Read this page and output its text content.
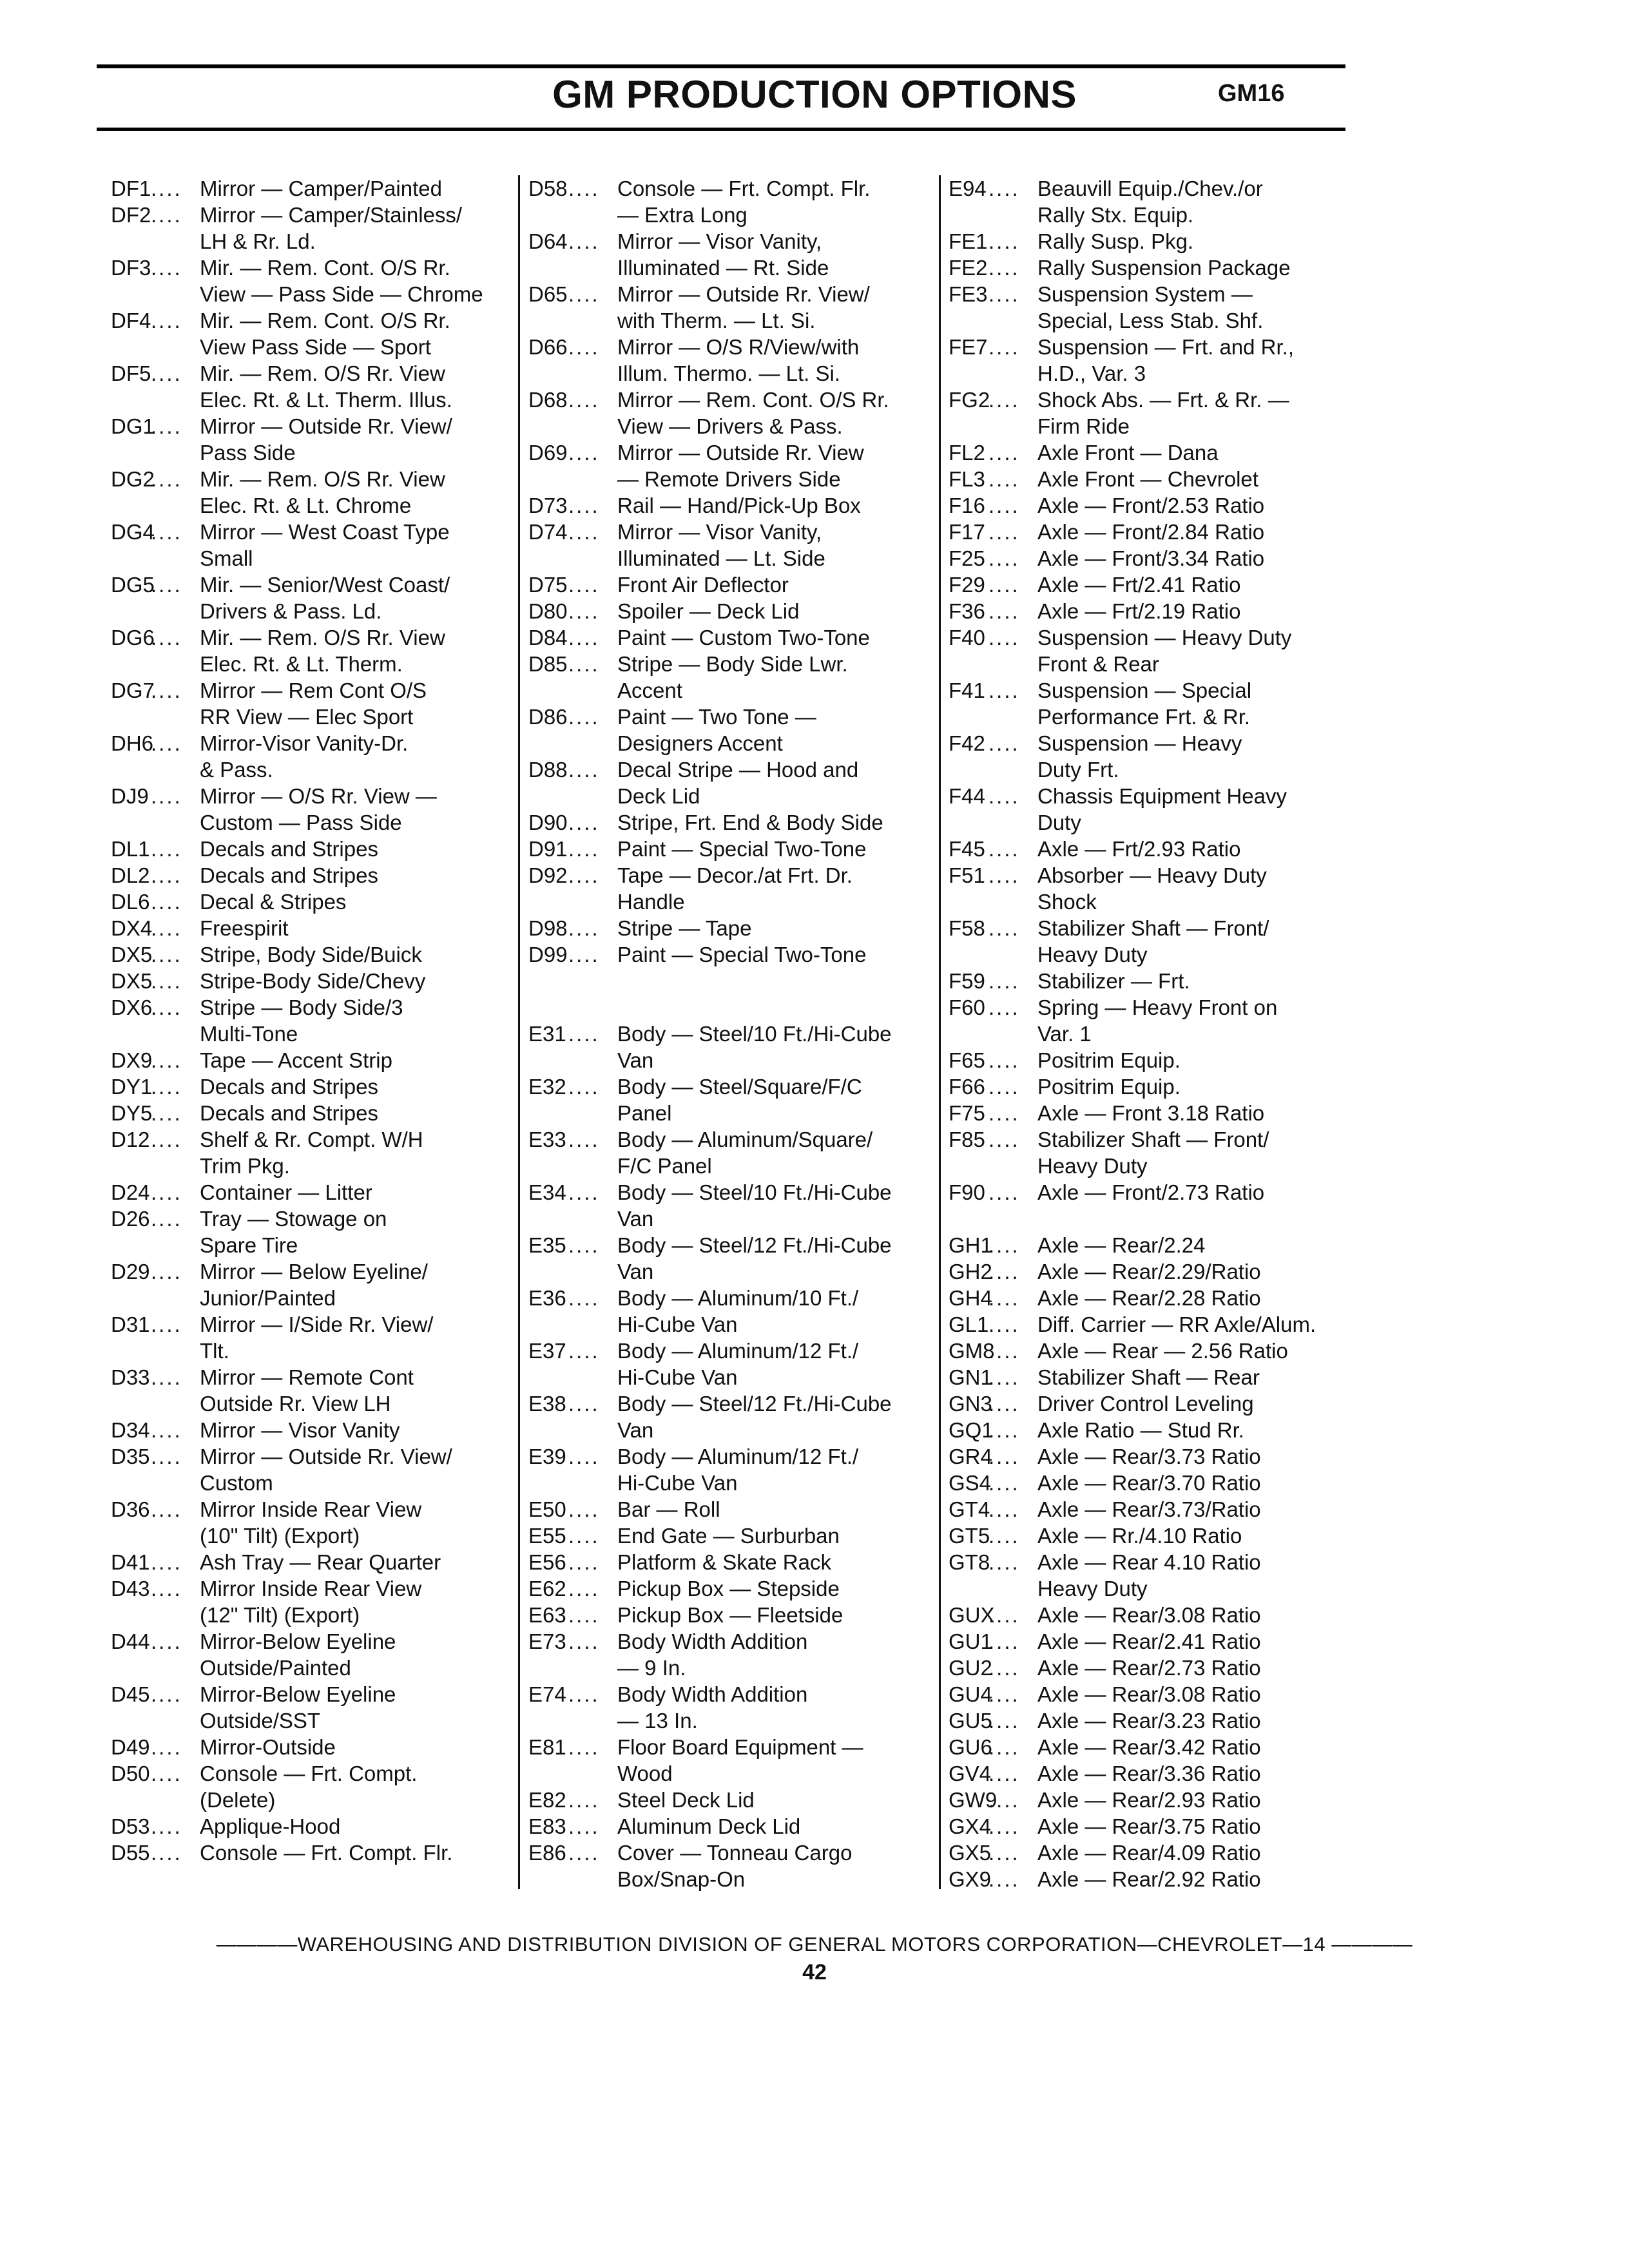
GM PRODUCTION OPTIONS	GM16
DF1 .... Mirror — Camper/Painted
DF2 .... Mirror — Camper/Stainless/
LH & Rr. Ld.
DF3 .... Mir. — Rem. Cont. O/S Rr.
View — Pass Side — Chrome
DF4 .... Mir. — Rem. Cont. O/S Rr.
View Pass Side — Sport
DF5 .... Mir. — Rem. O/S Rr. View
Elec. Rt. & Lt. Therm. Illus.
DG1
.... Mirror — Outside Rr. View/
Pass Side
DG2
.... Mir. — Rem. O/S Rr. View
Elec. Rt. & Lt. Chrome
DG4
.... Mirror — West Coast Type
Small
DG5
.... Mir. — Senior/West Coast/
Drivers & Pass. Ld.
DG6
.... Mir. — Rem. O/S Rr. View
Elec. Rt. & Lt. Therm.
DG7
.... Mirror — Rem Cont O/S
RR View — Elec Sport
DH6
.... Mirror-Visor Vanity-Dr.
& Pass.
DJ9 .... Mirror — O/S Rr. View —
Custom — Pass Side
DL1 .... Decals and Stripes
DL2 .... Decals and Stripes
DL6 .... Decal & Stripes
DX4
.... Freespirit
DX5
.... Stripe, Body Side/Buick
DX5
.... Stripe-Body Side/Chevy
DX6
.... Stripe — Body Side/3
Multi-Tone
DX9
.... Tape — Accent Strip
DY1
.... Decals and Stripes
DY5
.... Decals and Stripes
D12 .... Shelf & Rr. Compt. W/H
Trim Pkg.
D24 .... Container — Litter
D26 .... Tray — Stowage on
Spare Tire
D29 .... Mirror — Below Eyeline/
Junior/Painted
D31 .... Mirror — I/Side Rr. View/
Tlt.
D33 .... Mirror — Remote Cont
Outside Rr. View LH
D34 .... Mirror — Visor Vanity
D35 .... Mirror — Outside Rr. View/
Custom
D36 .... Mirror Inside Rear View
(10" Tilt) (Export)
D41 .... Ash Tray — Rear Quarter
D43 .... Mirror Inside Rear View
(12" Tilt) (Export)
D44 .... Mirror-Below Eyeline
Outside/Painted
D45 .... Mirror-Below Eyeline
Outside/SST
D49 .... Mirror-Outside
D50 .... Console — Frt. Compt.
(Delete)
D53 .... Applique-Hood
D55 .... Console — Frt. Compt. Flr.
D58 .... Console — Frt. Compt. Flr.
— Extra Long
D64 .... Mirror — Visor Vanity,
Illuminated — Rt. Side
D65 .... Mirror — Outside Rr. View/
with Therm. — Lt. Si.
D66 .... Mirror — O/S R/View/with
Illum. Thermo. — Lt. Si.
D68 .... Mirror — Rem. Cont. O/S Rr.
View — Drivers & Pass.
D69 .... Mirror — Outside Rr. View
— Remote Drivers Side
D73 .... Rail — Hand/Pick-Up Box
D74 .... Mirror — Visor Vanity,
Illuminated — Lt. Side
D75 .... Front Air Deflector
D80 .... Spoiler — Deck Lid
D84 .... Paint — Custom Two-Tone
D85 .... Stripe — Body Side Lwr.
Accent
D86 .... Paint — Two Tone —
Designers Accent
D88 .... Decal Stripe — Hood and
Deck Lid
D90 .... Stripe, Frt. End & Body Side
D91 .... Paint — Special Two-Tone
D92 .... Tape — Decor./at Frt. Dr.
Handle
D98 .... Stripe — Tape
D99 .... Paint — Special Two-Tone
E31 .... Body — Steel/10 Ft./Hi-Cube
Van
E32 .... Body — Steel/Square/F/C
Panel
E33 .... Body — Aluminum/Square/
F/C Panel
E34 .... Body — Steel/10 Ft./Hi-Cube
Van
E35 .... Body — Steel/12 Ft./Hi-Cube
Van
E36 .... Body — Aluminum/10 Ft./
Hi-Cube Van
E37 .... Body — Aluminum/12 Ft./
Hi-Cube Van
E38 .... Body — Steel/12 Ft./Hi-Cube
Van
E39 .... Body — Aluminum/12 Ft./
Hi-Cube Van
E50 .... Bar — Roll
E55 .... End Gate — Surburban
E56 .... Platform & Skate Rack
E62 .... Pickup Box — Stepside
E63 .... Pickup Box — Fleetside
E73 .... Body Width Addition
— 9 In.
E74 .... Body Width Addition
— 13 In.
E81 .... Floor Board Equipment —
Wood
E82 .... Steel Deck Lid
E83 .... Aluminum Deck Lid
E86 .... Cover — Tonneau Cargo
Box/Snap-On
E94 .... Beauvill Equip./Chev./or
Rally Stx. Equip.
FE1 .... Rally Susp. Pkg.
FE2 .... Rally Suspension Package
FE3 .... Suspension System —
Special, Less Stab. Shf.
FE7 .... Suspension — Frt. and Rr.,
H.D., Var. 3
FG2
.... Shock Abs. — Frt. & Rr. —
Firm Ride
FL2 .... Axle Front — Dana
FL3 .... Axle Front — Chevrolet
F16 .... Axle — Front/2.53 Ratio
F17 .... Axle — Front/2.84 Ratio
F25 .... Axle — Front/3.34 Ratio
F29 .... Axle — Frt/2.41 Ratio
F36 .... Axle — Frt/2.19 Ratio
F40 .... Suspension — Heavy Duty
Front & Rear
F41 .... Suspension — Special
Performance Frt. & Rr.
F42 .... Suspension — Heavy
Duty Frt.
F44 .... Chassis Equipment Heavy
Duty
F45 .... Axle — Frt/2.93 Ratio
F51 .... Absorber — Heavy Duty
Shock
F58 .... Stabilizer Shaft — Front/
Heavy Duty
F59 .... Stabilizer — Frt.
F60 .... Spring — Heavy Front on
Var. 1
F65 .... Positrim Equip.
F66 .... Positrim Equip.
F75 .... Axle — Front 3.18 Ratio
F85 .... Stabilizer Shaft — Front/
Heavy Duty
F90 .... Axle — Front/2.73 Ratio
GH1
.... Axle — Rear/2.24
GH2
.... Axle — Rear/2.29/Ratio
GH4
.... Axle — Rear/2.28 Ratio
GL1 .... Diff. Carrier — RR Axle/Alum.
GM8
.... Axle — Rear — 2.56 Ratio
GN1
.... Stabilizer Shaft — Rear
GN3
.... Driver Control Leveling
GQ1
.... Axle Ratio — Stud Rr.
GR4
.... Axle — Rear/3.73 Ratio
GS4
.... Axle — Rear/3.70 Ratio
GT4
.... Axle — Rear/3.73/Ratio
GT5
.... Axle — Rr./4.10 Ratio
GT8
.... Axle — Rear 4.10 Ratio
Heavy Duty
GUX
.... Axle — Rear/3.08 Ratio
GU1
.... Axle — Rear/2.41 Ratio
GU2
.... Axle — Rear/2.73 Ratio
GU4
.... Axle — Rear/3.08 Ratio
GU5
.... Axle — Rear/3.23 Ratio
GU6
.... Axle — Rear/3.42 Ratio
GV4
.... Axle — Rear/3.36 Ratio
GW9
.... Axle — Rear/2.93 Ratio
GX4
.... Axle — Rear/3.75 Ratio
GX5
.... Axle — Rear/4.09 Ratio
GX9
.... Axle — Rear/2.92 Ratio
————WAREHOUSING AND DISTRIBUTION DIVISION OF GENERAL MOTORS CORPORATION—CHEVROLET—14 ————
42
